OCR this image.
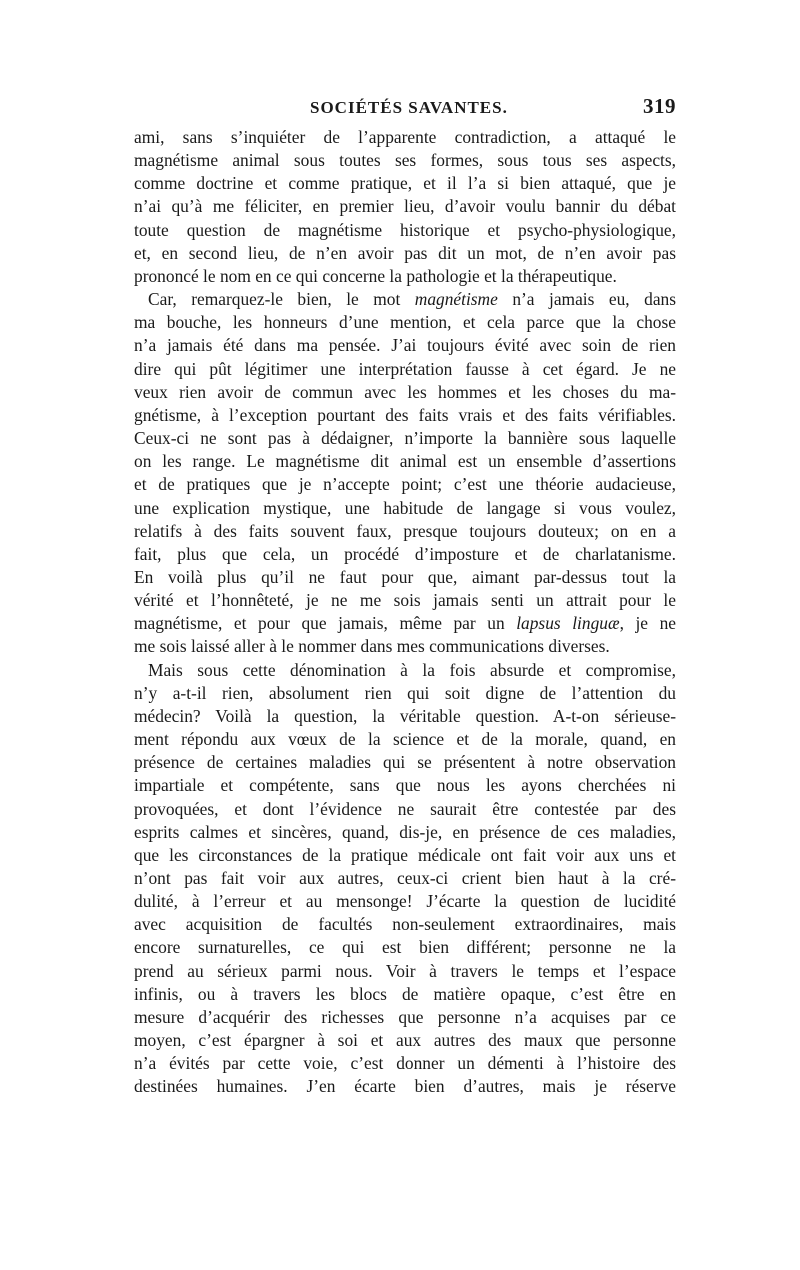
SOCIÉTÉS SAVANTES.	319
ami, sans s’inquiéter de l’apparente contradiction, a attaqué le
magnétisme animal sous toutes ses formes, sous tous ses aspects,
comme doctrine et comme pratique, et il l’a si bien attaqué, que je
n’ai qu’à me féliciter, en premier lieu, d’avoir voulu bannir du débat
toute question de magnétisme historique et psycho-physiologique,
et, en second lieu, de n’en avoir pas dit un mot, de n’en avoir pas
prononcé le nom en ce qui concerne la pathologie et la thérapeutique.
Car, remarquez-le bien, le mot magnétisme n’a jamais eu, dans
ma bouche, les honneurs d’une mention, et cela parce que la chose
n’a jamais été dans ma pensée. J’ai toujours évité avec soin de rien
dire qui pût légitimer une interprétation fausse à cet égard. Je ne
veux rien avoir de commun avec les hommes et les choses du ma-
gnétisme, à l’exception pourtant des faits vrais et des faits vérifiables.
Ceux-ci ne sont pas à dédaigner, n’importe la bannière sous laquelle
on les range. Le magnétisme dit animal est un ensemble d’assertions
et de pratiques que je n’accepte point; c’est une théorie audacieuse,
une explication mystique, une habitude de langage si vous voulez,
relatifs à des faits souvent faux, presque toujours douteux; on en a
fait, plus que cela, un procédé d’imposture et de charlatanisme.
En voilà plus qu’il ne faut pour que, aimant par-dessus tout la
vérité et l’honnêteté, je ne me sois jamais senti un attrait pour le
magnétisme, et pour que jamais, même par un lapsus linguæ, je ne
me sois laissé aller à le nommer dans mes communications diverses.
Mais sous cette dénomination à la fois absurde et compromise,
n’y a-t-il rien, absolument rien qui soit digne de l’attention du
médecin? Voilà la question, la véritable question. A-t-on sérieuse-
ment répondu aux vœux de la science et de la morale, quand, en
présence de certaines maladies qui se présentent à notre observation
impartiale et compétente, sans que nous les ayons cherchées ni
provoquées, et dont l’évidence ne saurait être contestée par des
esprits calmes et sincères, quand, dis-je, en présence de ces maladies,
que les circonstances de la pratique médicale ont fait voir aux uns et
n’ont pas fait voir aux autres, ceux-ci crient bien haut à la cré-
dulité, à l’erreur et au mensonge! J’écarte la question de lucidité
avec acquisition de facultés non-seulement extraordinaires, mais
encore surnaturelles, ce qui est bien différent; personne ne la
prend au sérieux parmi nous. Voir à travers le temps et l’espace
infinis, ou à travers les blocs de matière opaque, c’est être en
mesure d’acquérir des richesses que personne n’a acquises par ce
moyen, c’est épargner à soi et aux autres des maux que personne
n’a évités par cette voie, c’est donner un démenti à l’histoire des
destinées humaines. J’en écarte bien d’autres, mais je réserve
